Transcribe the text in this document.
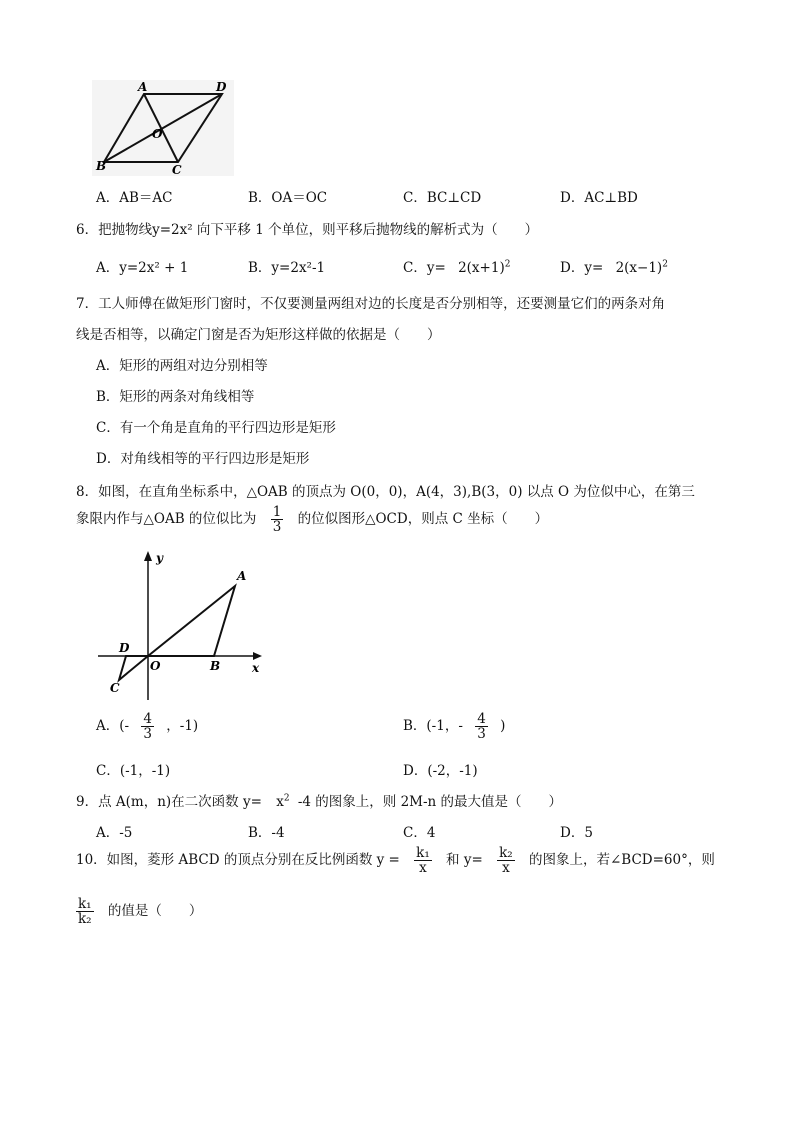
A	D
O
B	C
A．AB＝AC	B．OA＝OC	C．BC⊥CD	D．AC⊥BD
6．把抛物线y=2x² 向下平移 1 个单位，则平移后抛物线的解析式为（　　）
A．y=2x² + 1	B．y=2x²-1	C．$y= 2(x+1)^2$	D．$y= 2(x-1)^2$
7．工人师傅在做矩形门窗时，不仅要测量两组对边的长度是否分别相等，还要测量它们的两条对角
线是否相等，以确定门窗是否为矩形这样做的依据是（　　）
A．矩形的两组对边分别相等
B．矩形的两条对角线相等
C．有一个角是直角的平行四边形是矩形
D．对角线相等的平行四边形是矩形
8．如图，在直角坐标系中，△OAB 的顶点为 O(0，0)，A(4，3),B(3，0) 以点 O 为位似中心，在第三
象限内作与△OAB 的位似比为 $\frac{1}{3}$ 的位似图形△OCD，则点 C 坐标（　　）
y
A
D
O	B	x
C
A．(- $\frac{4}{3}$ ，-1)	B．(-1，- $\frac{4}{3}$ )
C．(-1，-1)	D．(-2，-1)
9．点 A(m，n)在二次函数 $y= x^2$ -4 的图象上，则 2M-n 的最大值是（　　）
A．-5	B．-4	C．4	D．5
10．如图，菱形 ABCD 的顶点分别在反比例函数 $y = \frac{\text{k₁}}{x}$ 和 $y= \frac{\text{k₂}}{x}$ 的图象上，若∠BCD=60°，则
$\frac{\text{k₁}}{\text{k₂}}$ 的值是（　　）
